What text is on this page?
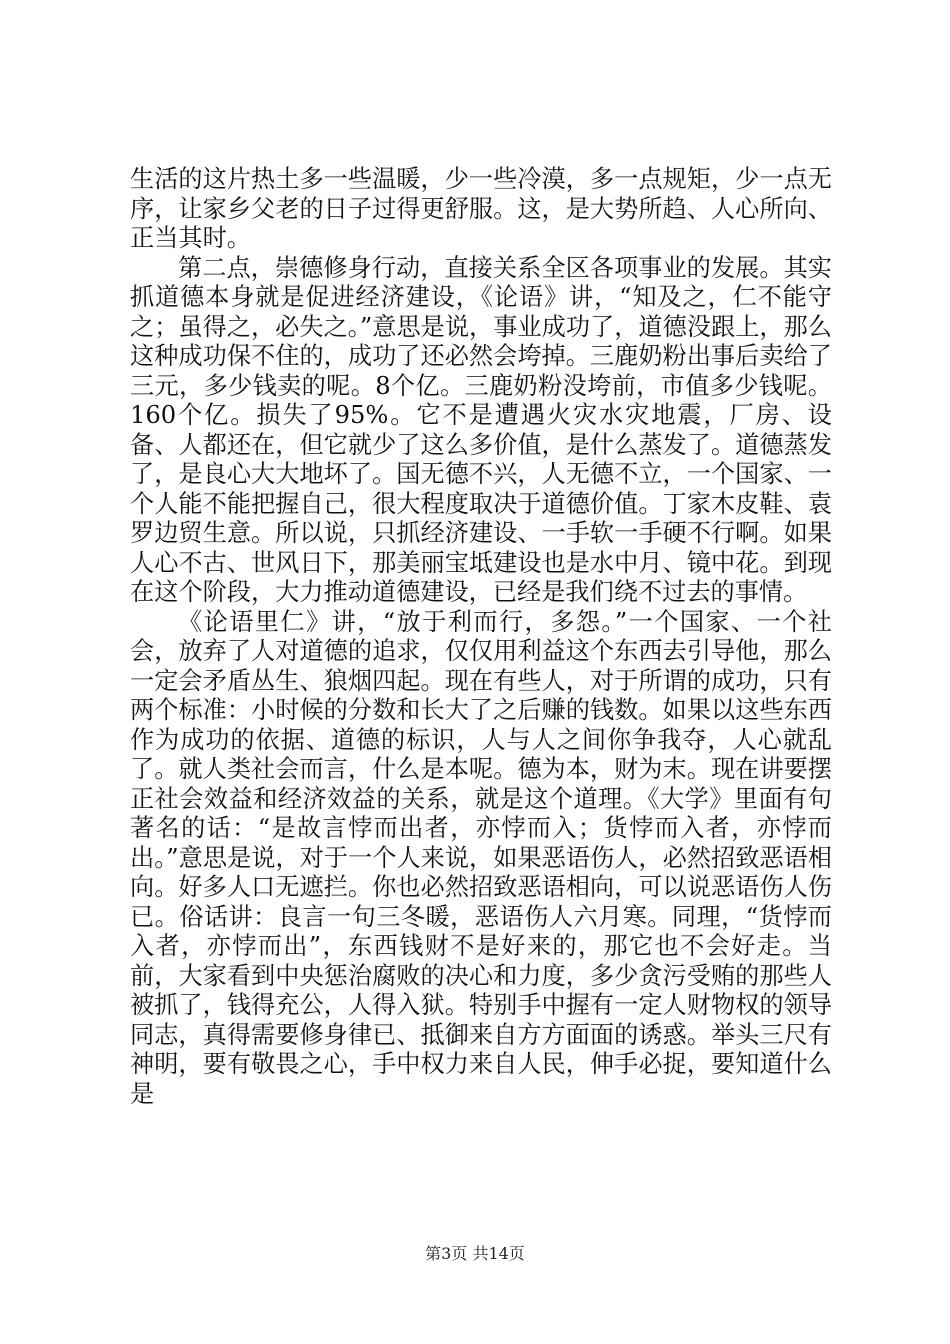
生活的这片热土多一些温暖，少一些冷漠，多一点规矩，少一点无序，让家乡父老的日子过得更舒服。这，是大势所趋、人心所向、正当其时。

第二点，崇德修身行动，直接关系全区各项事业的发展。其实抓道德本身就是促进经济建设，《论语》讲，“知及之，仁不能守之；虽得之，必失之。”意思是说，事业成功了，道德没跟上，那么这种成功保不住的，成功了还必然会垮掉。三鹿奶粉出事后卖给了三元，多少钱卖的呢。8个亿。三鹿奶粉没垮前，市值多少钱呢。160个亿。损失了95%。它不是遭遇火灾水灾地震，厂房、设备、人都还在，但它就少了这么多价值，是什么蒸发了。道德蒸发了，是良心大大地坏了。国无德不兴，人无德不立，一个国家、一个人能不能把握自己，很大程度取决于道德价值。丁家木皮鞋、袁罗边贸生意。所以说，只抓经济建设、一手软一手硬不行啊。如果人心不古、世风日下，那美丽宝坻建设也是水中月、镜中花。到现在这个阶段，大力推动道德建设，已经是我们绕不过去的事情。

《论语里仁》讲，“放于利而行，多怨。”一个国家、一个社会，放弃了人对道德的追求，仅仅用利益这个东西去引导他，那么一定会矛盾丛生、狼烟四起。现在有些人，对于所谓的成功，只有两个标准：小时候的分数和长大了之后赚的钱数。如果以这些东西作为成功的依据、道德的标识，人与人之间你争我夺，人心就乱了。就人类社会而言，什么是本呢。德为本，财为末。现在讲要摆正社会效益和经济效益的关系，就是这个道理。《大学》里面有句著名的话：“是故言悖而出者，亦悖而入；货悖而入者，亦悖而出。”意思是说，对于一个人来说，如果恶语伤人，必然招致恶语相向。好多人口无遮拦。你也必然招致恶语相向，可以说恶语伤人伤已。俗话讲：良言一句三冬暖，恶语伤人六月寒。同理，“货悖而入者，亦悖而出”，东西钱财不是好来的，那它也不会好走。当前，大家看到中央惩治腐败的决心和力度，多少贪污受贿的那些人被抓了，钱得充公，人得入狱。特别手中握有一定人财物权的领导同志，真得需要修身律已、抵御来自方方面面的诱惑。举头三尺有神明，要有敬畏之心，手中权力来自人民，伸手必捉，要知道什么是

第3页 共14页
